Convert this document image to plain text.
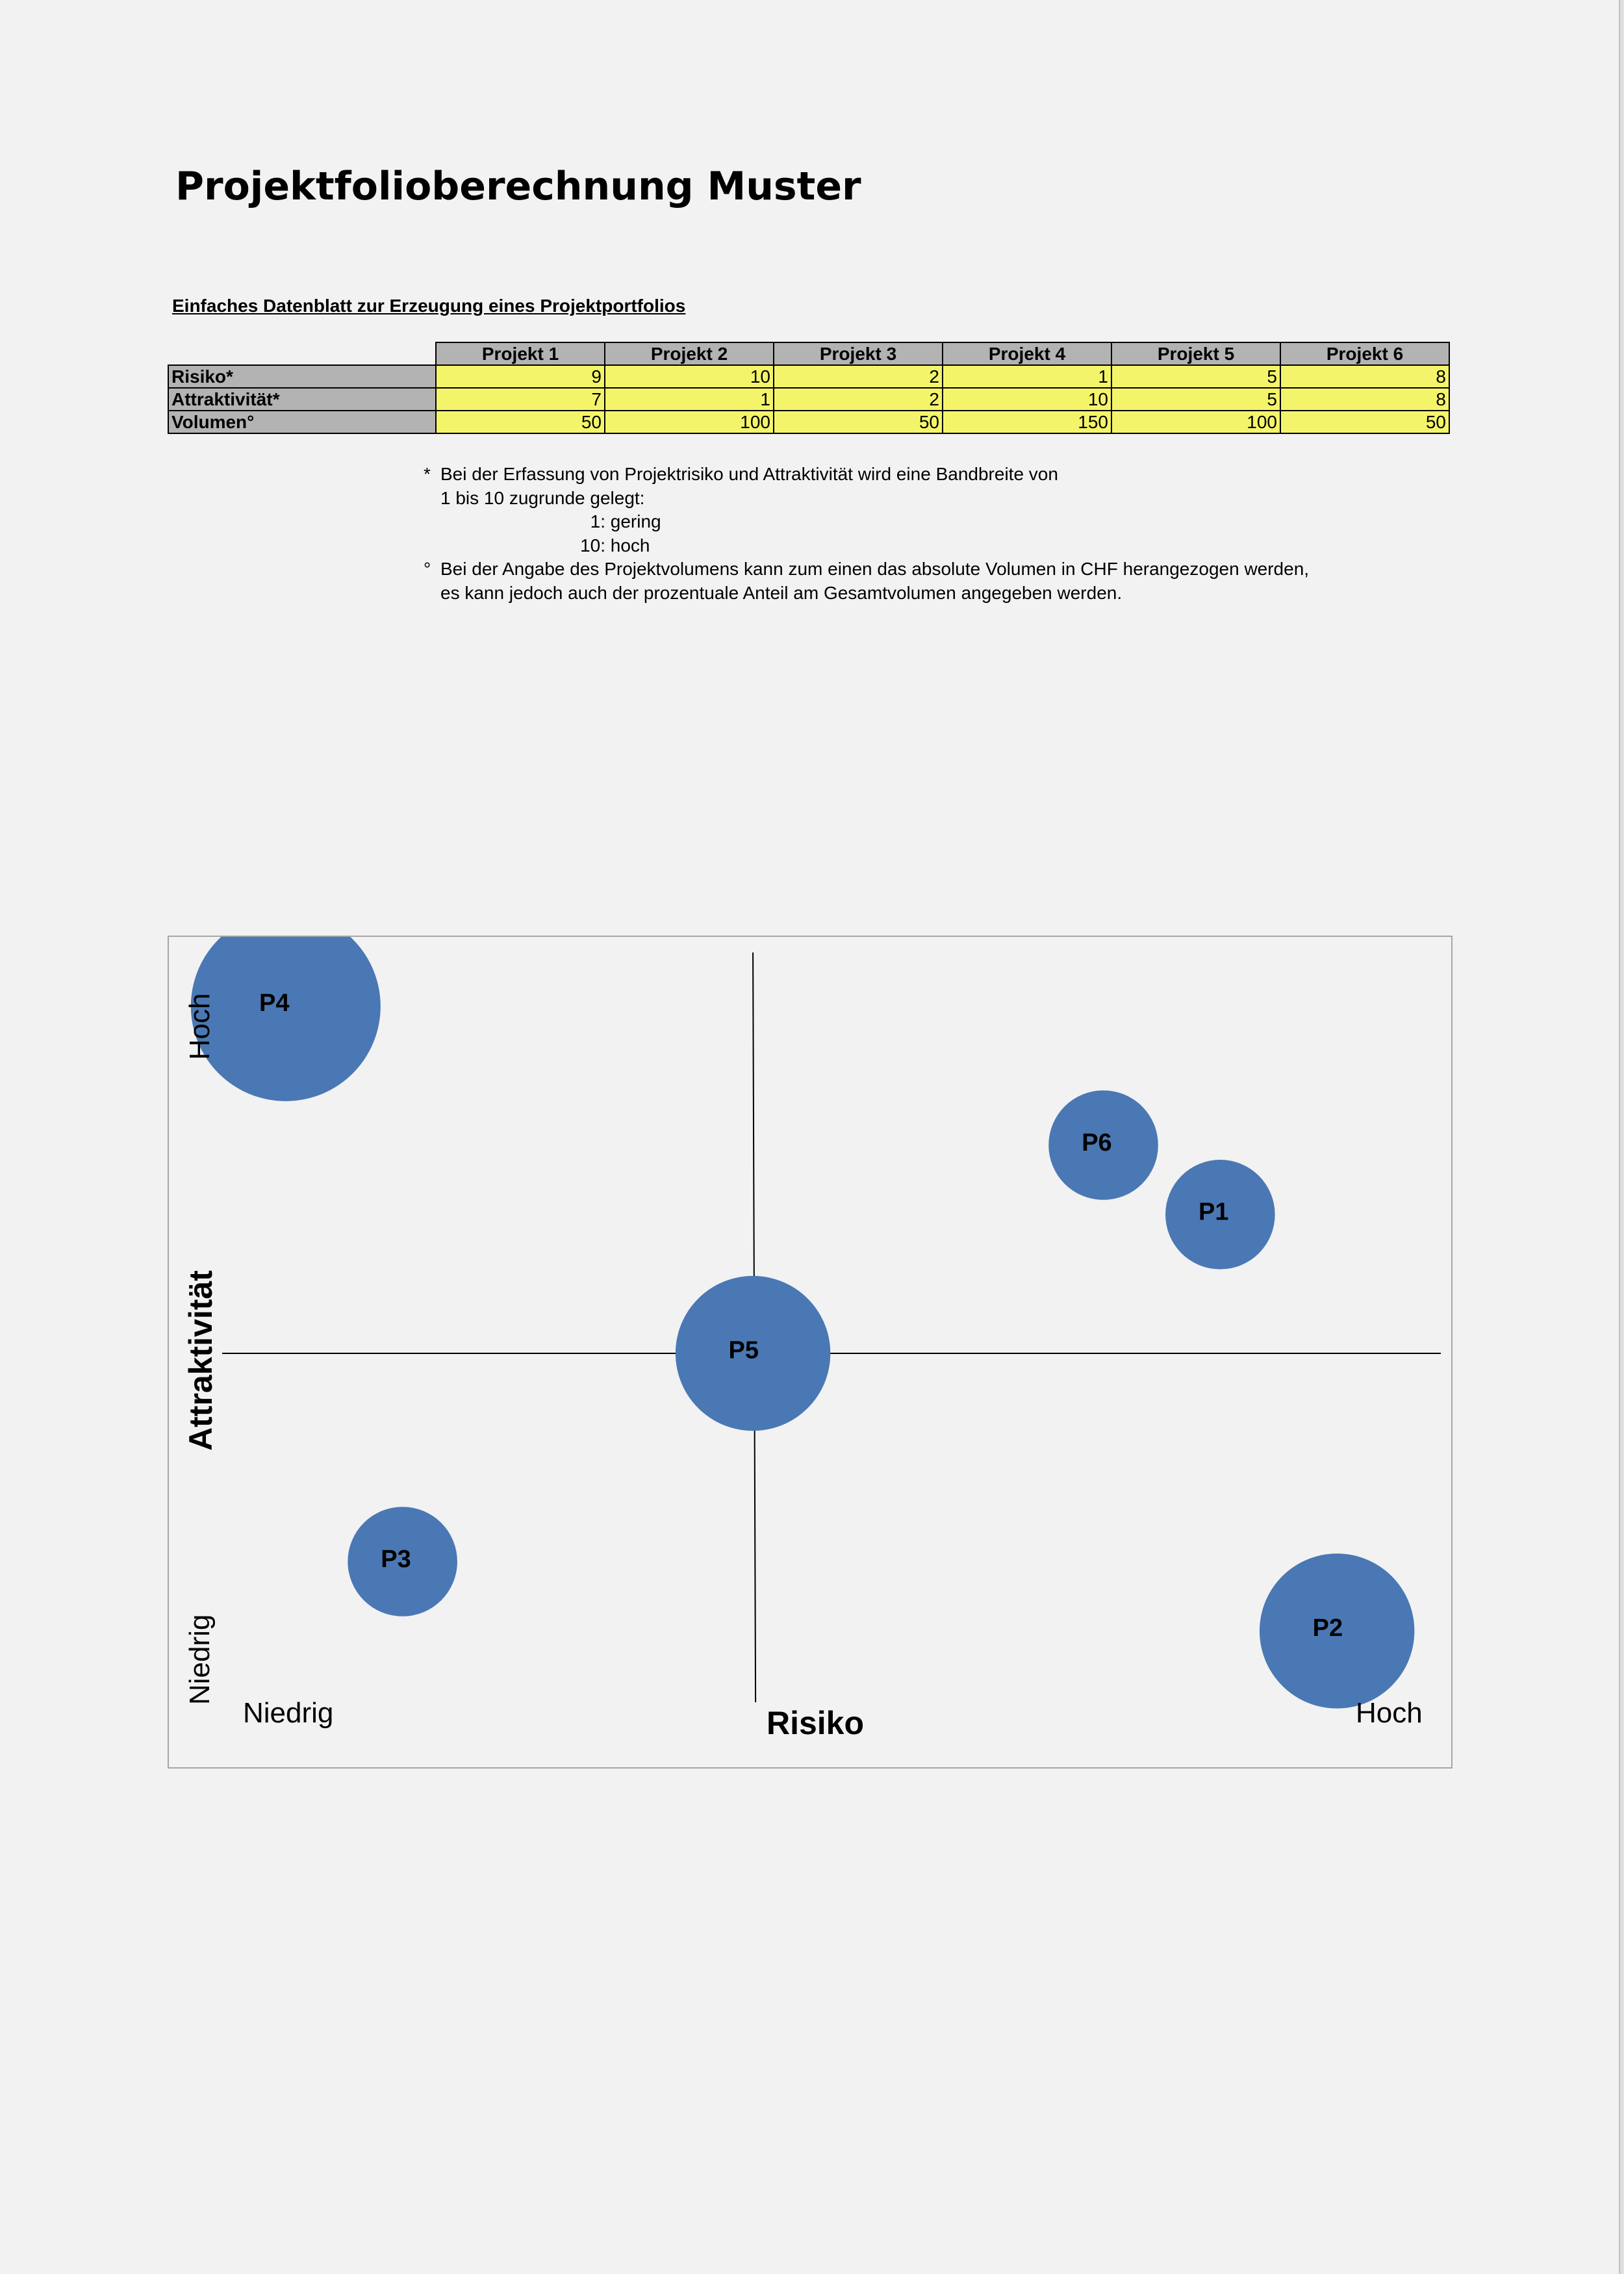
Projektfolioberechnung Muster
Einfaches Datenblatt zur Erzeugung eines Projektportfolios
	Projekt 1	Projekt 2	Projekt 3	Projekt 4	Projekt 5	Projekt 6
Risiko*	9	10	2	1	5	8
Attraktivität*	7	1	2	10	5	8
Volumen°	50	100	50	150	100	50
* Bei der Erfassung von Projektrisiko und Attraktivität wird eine Bandbreite von
1 bis 10 zugrunde gelegt:
1: gering
10: hoch
° Bei der Angabe des Projektvolumens kann zum einen das absolute Volumen in CHF herangezogen werden,
es kann jedoch auch der prozentuale Anteil am Gesamtvolumen angegeben werden.
P1
P2
P3
P4
P5
P6
Risiko
Niedrig	Hoch
Attraktivität
Hoch
Niedrig
